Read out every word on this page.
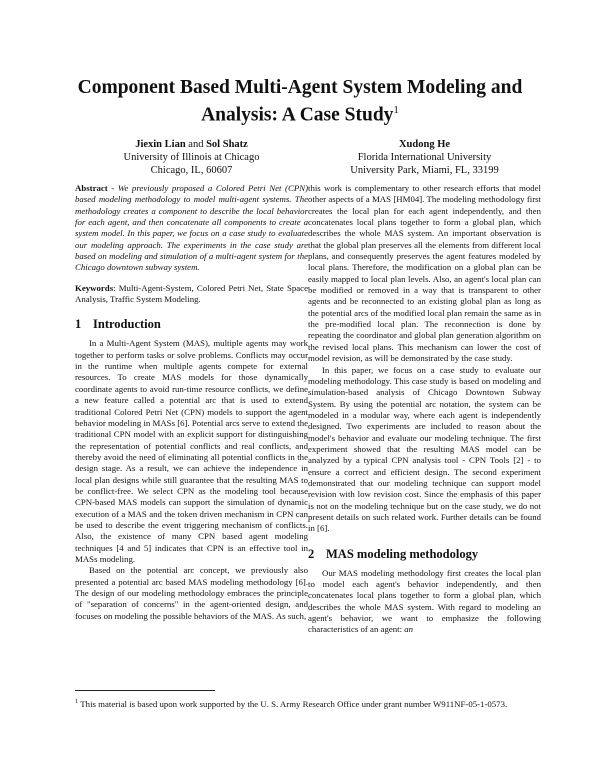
Component Based Multi-Agent System Modeling and
Analysis: A Case Study$^1$
Jiexin Lian and Sol Shatz
University of Illinois at Chicago
Chicago, IL, 60607
Xudong He
Florida International University
University Park, Miami, FL, 33199

Abstract - We previously proposed a Colored Petri Net (CPN) based modeling methodology to model multi-agent systems. The methodology creates a component to describe the local behavior for each agent, and then concatenate all components to create a system model. In this paper, we focus on a case study to evaluate our modeling approach. The experiments in the case study are based on modeling and simulation of a multi-agent system for the Chicago downtown subway system.

Keywords: Multi-Agent-System, Colored Petri Net, State Space Analysis, Traffic System Modeling.

1 Introduction

In a Multi-Agent System (MAS), multiple agents may work together to perform tasks or solve problems. Conflicts may occur in the runtime when multiple agents compete for external resources. To create MAS models for those dynamically coordinate agents to avoid run-time resource conflicts, we define a new feature called a potential arc that is used to extend traditional Colored Petri Net (CPN) models to support the agent behavior modeling in MASs [6]. Potential arcs serve to extend the traditional CPN model with an explicit support for distinguishing the representation of potential conflicts and real conflicts, and thereby avoid the need of eliminating all potential conflicts in the design stage. As a result, we can achieve the independence in local plan designs while still guarantee that the resulting MAS to be conflict-free. We select CPN as the modeling tool because CPN-based MAS models can support the simulation of dynamic execution of a MAS and the token driven mechanism in CPN can be used to describe the event triggering mechanism of conflicts. Also, the existence of many CPN based agent modeling techniques [4 and 5] indicates that CPN is an effective tool in MASs modeling.

Based on the potential arc concept, we previously also presented a potential arc based MAS modeling methodology [6]. The design of our modeling methodology embraces the principle of "separation of concerns" in the agent-oriented design, and focuses on modeling the possible behaviors of the MAS. As such,

this work is complementary to other research efforts that model other aspects of a MAS [HM04]. The modeling methodology first creates the local plan for each agent independently, and then concatenates local plans together to form a global plan, which describes the whole MAS system. An important observation is that the global plan preserves all the elements from different local plans, and consequently preserves the agent features modeled by local plans. Therefore, the modification on a global plan can be easily mapped to local plan levels. Also, an agent's local plan can be modified or removed in a way that is transparent to other agents and be reconnected to an existing global plan as long as the potential arcs of the modified local plan remain the same as in the pre-modified local plan. The reconnection is done by repeating the coordinator and global plan generation algorithm on the revised local plans. This mechanism can lower the cost of model revision, as will be demonstrated by the case study.

In this paper, we focus on a case study to evaluate our modeling methodology. This case study is based on modeling and simulation-based analysis of Chicago Downtown Subway System. By using the potential arc notation, the system can be modeled in a modular way, where each agent is independently designed. Two experiments are included to reason about the model's behavior and evaluate our modeling technique. The first experiment showed that the resulting MAS model can be analyzed by a typical CPN analysis tool - CPN Tools [2] - to ensure a correct and efficient design. The second experiment demonstrated that our modeling technique can support model revision with low revision cost. Since the emphasis of this paper is not on the modeling technique but on the case study, we do not present details on such related work. Further details can be found in [6].

2 MAS modeling methodology

Our MAS modeling methodology first creates the local plan to model each agent's behavior independently, and then concatenates local plans together to form a global plan, which describes the whole MAS system. With regard to modeling an agent's behavior, we want to emphasize the following characteristics of an agent: an

$^1$ This material is based upon work supported by the U. S. Army Research Office under grant number W911NF-05-1-0573.
